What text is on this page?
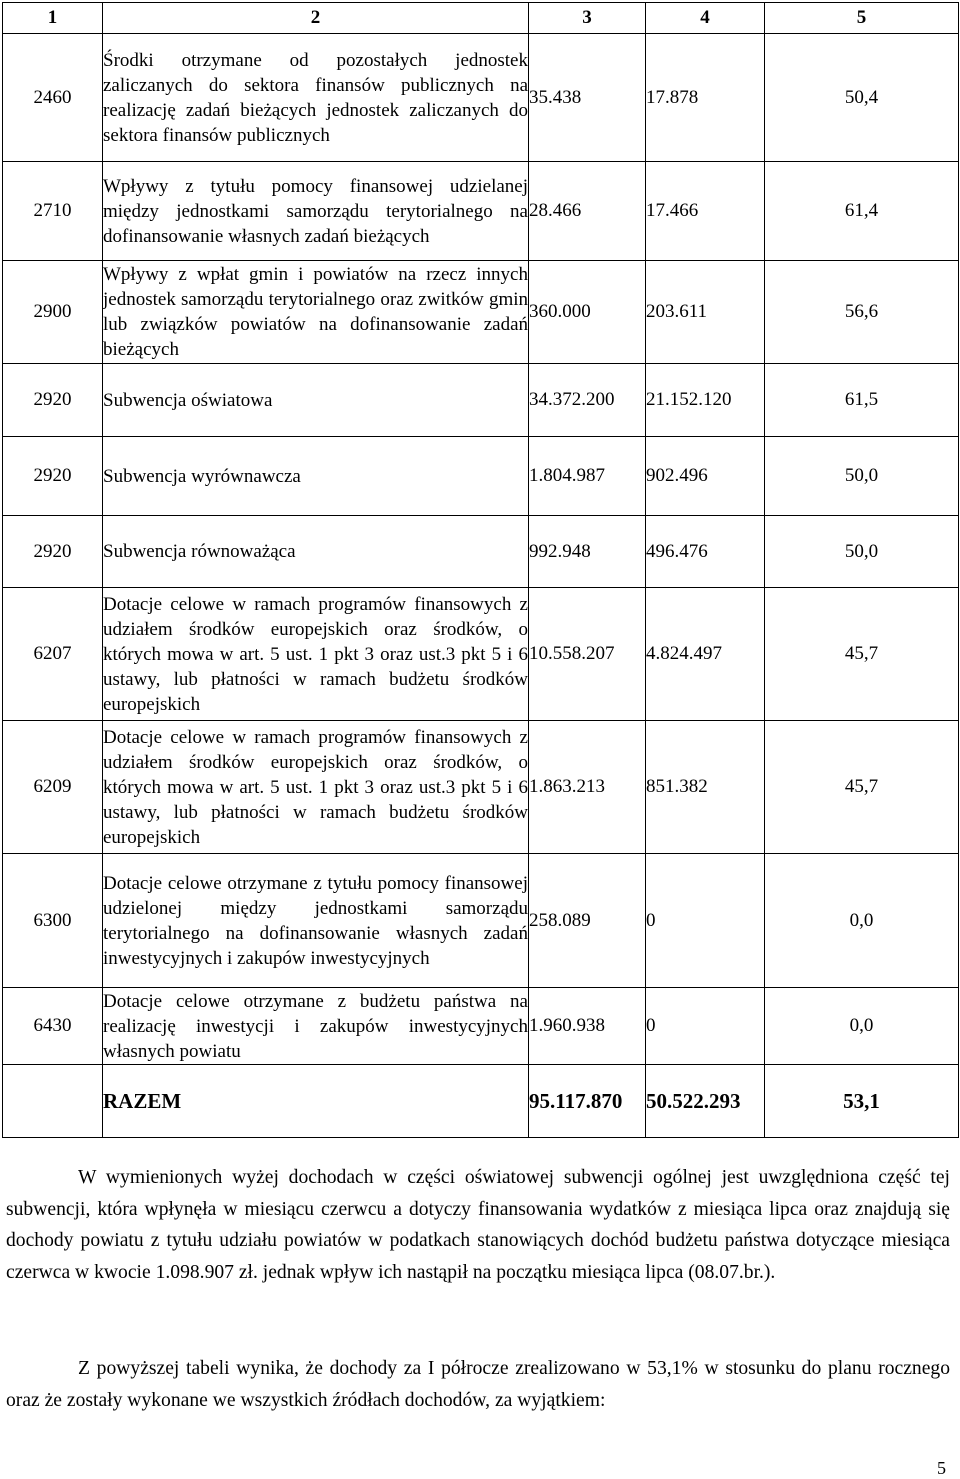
1	2	3	4	5
2460	Środki otrzymane od pozostałych jednostek zaliczanych do sektora finansów publicznych na realizację zadań bieżących jednostek zaliczanych do sektora finansów publicznych	35.438	17.878	50,4
2710	Wpływy z tytułu pomocy finansowej udzielanej między jednostkami samorządu terytorialnego na dofinansowanie własnych zadań bieżących	28.466	17.466	61,4
2900	Wpływy z wpłat gmin i powiatów na rzecz innych jednostek samorządu terytorialnego oraz zwitków gmin lub związków powiatów na dofinansowanie zadań bieżących	360.000	203.611	56,6
2920	Subwencja oświatowa	34.372.200	21.152.120	61,5
2920	Subwencja wyrównawcza	1.804.987	902.496	50,0
2920	Subwencja równoważąca	992.948	496.476	50,0
6207	Dotacje celowe w ramach programów finansowych z udziałem środków europejskich oraz środków, o których mowa w art. 5 ust. 1 pkt 3 oraz ust.3 pkt 5 i 6 ustawy, lub płatności w ramach budżetu środków europejskich	10.558.207	4.824.497	45,7
6209	Dotacje celowe w ramach programów finansowych z udziałem środków europejskich oraz środków, o których mowa w art. 5 ust. 1 pkt 3 oraz ust.3 pkt 5 i 6 ustawy, lub płatności w ramach budżetu środków europejskich	1.863.213	851.382	45,7
6300	Dotacje celowe otrzymane z tytułu pomocy finansowej udzielonej między jednostkami samorządu terytorialnego na dofinansowanie własnych zadań inwestycyjnych i zakupów inwestycyjnych	258.089	0	0,0
6430	Dotacje celowe otrzymane z budżetu państwa na realizację inwestycji i zakupów inwestycyjnych własnych powiatu	1.960.938	0	0,0
	RAZEM	95.117.870	50.522.293	53,1

W wymienionych wyżej dochodach w części oświatowej subwencji ogólnej jest uwzględniona część tej subwencji, która wpłynęła w miesiącu czerwcu a dotyczy finansowania wydatków z miesiąca lipca oraz znajdują się dochody powiatu z tytułu udziału powiatów w podatkach stanowiących dochód budżetu państwa dotyczące miesiąca czerwca w kwocie 1.098.907 zł. jednak wpływ ich nastąpił na początku miesiąca lipca (08.07.br.).

Z powyższej tabeli wynika, że dochody za I półrocze zrealizowano w 53,1% w stosunku do planu rocznego oraz że zostały wykonane we wszystkich źródłach dochodów, za wyjątkiem:

5
